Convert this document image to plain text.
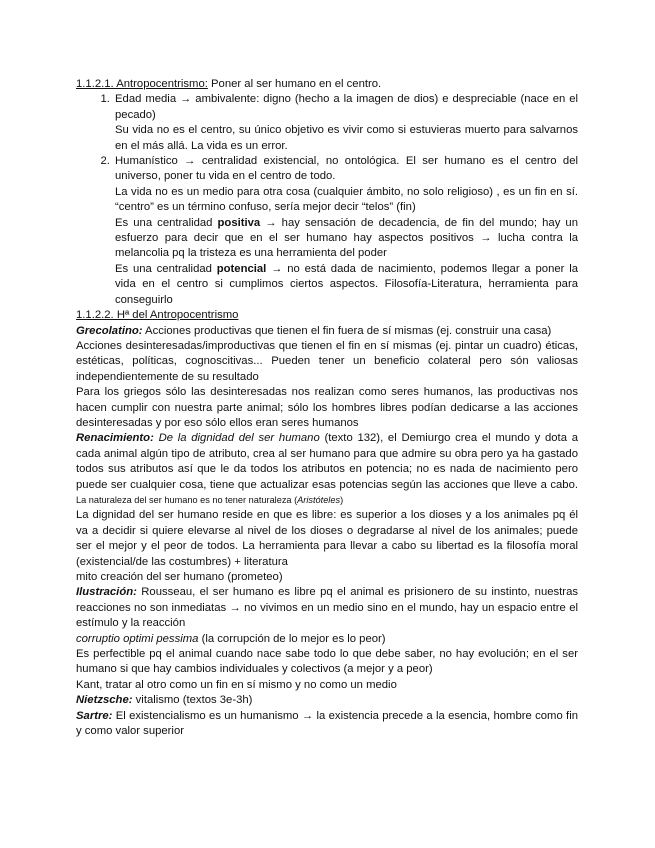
1.1.2.1. Antropocentrismo: Poner al ser humano en el centro.

1. Edad media → ambivalente: digno (hecho a la imagen de dios) e despreciable (nace en el pecado)
Su vida no es el centro, su único objetivo es vivir como si estuvieras muerto para salvarnos en el más allá. La vida es un error.
2. Humanístico → centralidad existencial, no ontológica. El ser humano es el centro del universo, poner tu vida en el centro de todo.
La vida no es un medio para otra cosa (cualquier ámbito, no solo religioso) , es un fin en sí. “centro” es un término confuso, sería mejor decir “telos” (fin)
Es una centralidad positiva → hay sensación de decadencia, de fin del mundo; hay un esfuerzo para decir que en el ser humano hay aspectos positivos → lucha contra la melancolia pq la tristeza es una herramienta del poder
Es una centralidad potencial → no está dada de nacimiento, podemos llegar a poner la vida en el centro si cumplimos ciertos aspectos. Filosofía-Literatura, herramienta para conseguirlo

1.1.2.2. Hª del Antropocentrismo

Grecolatino: Acciones productivas que tienen el fin fuera de sí mismas (ej. construir una casa)

Acciones desinteresadas/improductivas que tienen el fin en sí mismas (ej. pintar un cuadro) éticas, estéticas, políticas, cognoscitivas... Pueden tener un beneficio colateral pero són valiosas independientemente de su resultado

Para los griegos sólo las desinteresadas nos realizan como seres humanos, las productivas nos hacen cumplir con nuestra parte animal; sólo los hombres libres podían dedicarse a las acciones desinteresadas y por eso sólo ellos eran seres humanos

Renacimiento: De la dignidad del ser humano (texto 132), el Demiurgo crea el mundo y dota a cada animal algún tipo de atributo, crea al ser humano para que admire su obra pero ya ha gastado todos sus atributos así que le da todos los atributos en potencia; no es nada de nacimiento pero puede ser cualquier cosa, tiene que actualizar esas potencias según las acciones que lleve a cabo. La naturaleza del ser humano es no tener naturaleza (Aristóteles)

La dignidad del ser humano reside en que es libre: es superior a los dioses y a los animales pq él va a decidir si quiere elevarse al nivel de los dioses o degradarse al nivel de los animales; puede ser el mejor y el peor de todos. La herramienta para llevar a cabo su libertad es la filosofía moral (existencial/de las costumbres) + literatura

mito creación del ser humano (prometeo)

Ilustración: Rousseau, el ser humano es libre pq el animal es prisionero de su instinto, nuestras reacciones no son inmediatas → no vivimos en un medio sino en el mundo, hay un espacio entre el estímulo y la reacción

corruptio optimi pessima (la corrupción de lo mejor es lo peor)

Es perfectible pq el animal cuando nace sabe todo lo que debe saber, no hay evolución; en el ser humano si que hay cambios individuales y colectivos (a mejor y a peor)

Kant, tratar al otro como un fin en sí mismo y no como un medio

Nietzsche: vitalismo (textos 3e-3h)

Sartre: El existencialismo es un humanismo → la existencia precede a la esencia, hombre como fin y como valor superior
